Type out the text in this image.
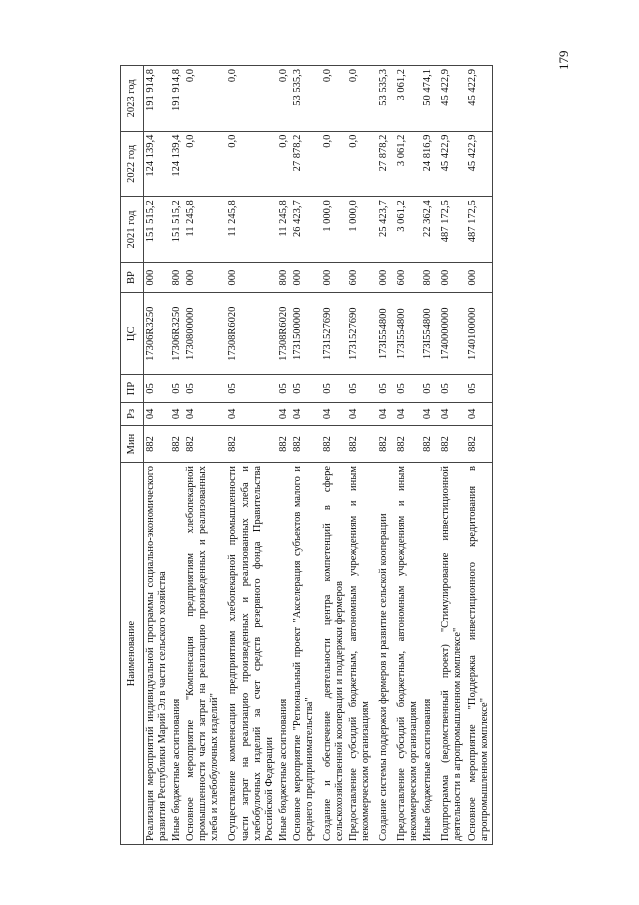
179
Наименование	Мин	Рз	ПР	ЦС	ВР	2021 год	2022 год	2023 год
Реализация мероприятий индивидуальной программы социально-экономического развития Республики Марий Эл в части сельского хозяйства	882	04	05	17306R3250	000	151 515,2	124 139,4	191 914,8
Иные бюджетные ассигнования	882	04	05	17306R3250	800	151 515,2	124 139,4	191 914,8
Основное мероприятие "Компенсация предприятиям хлебопекарной промышленности части затрат на реализацию произведенных и реализованных хлеба и хлебобулочных изделий"	882	04	05	1730800000	000	11 245,8	0,0	0,0
Осуществление компенсации предприятиям хлебопекарной промышленности части затрат на реализацию произведенных и реализованных хлеба и хлебобулочных изделий за счет средств резервного фонда Правительства Российской Федерации	882	04	05	17308R6020	000	11 245,8	0,0	0,0
Иные бюджетные ассигнования	882	04	05	17308R6020	800	11 245,8	0,0	0,0
Основное мероприятие "Региональный проект "Акселерация субъектов малого и среднего предпринимательства"	882	04	05	1731500000	000	26 423,7	27 878,2	53 535,3
Создание и обеспечение деятельности центра компетенций в сфере сельскохозяйственной кооперации и поддержки фермеров	882	04	05	1731527690	000	1 000,0	0,0	0,0
Предоставление субсидий бюджетным, автономным учреждениям и иным некоммерческим организациям	882	04	05	1731527690	600	1 000,0	0,0	0,0
Создание системы поддержки фермеров и развитие сельской кооперации	882	04	05	173I554800	000	25 423,7	27 878,2	53 535,3
Предоставление субсидий бюджетным, автономным учреждениям и иным некоммерческим организациям	882	04	05	173I554800	600	3 061,2	3 061,2	3 061,2
Иные бюджетные ассигнования	882	04	05	173I554800	800	22 362,4	24 816,9	50 474,1
Подпрограмма (ведомственный проект) "Стимулирование инвестиционной деятельности в агропромышленном комплексе"	882	04	05	1740000000	000	487 172,5	45 422,9	45 422,9
Основное мероприятие "Поддержка инвестиционного кредитования в агропромышленном комплексе"	882	04	05	1740100000	000	487 172,5	45 422,9	45 422,9
